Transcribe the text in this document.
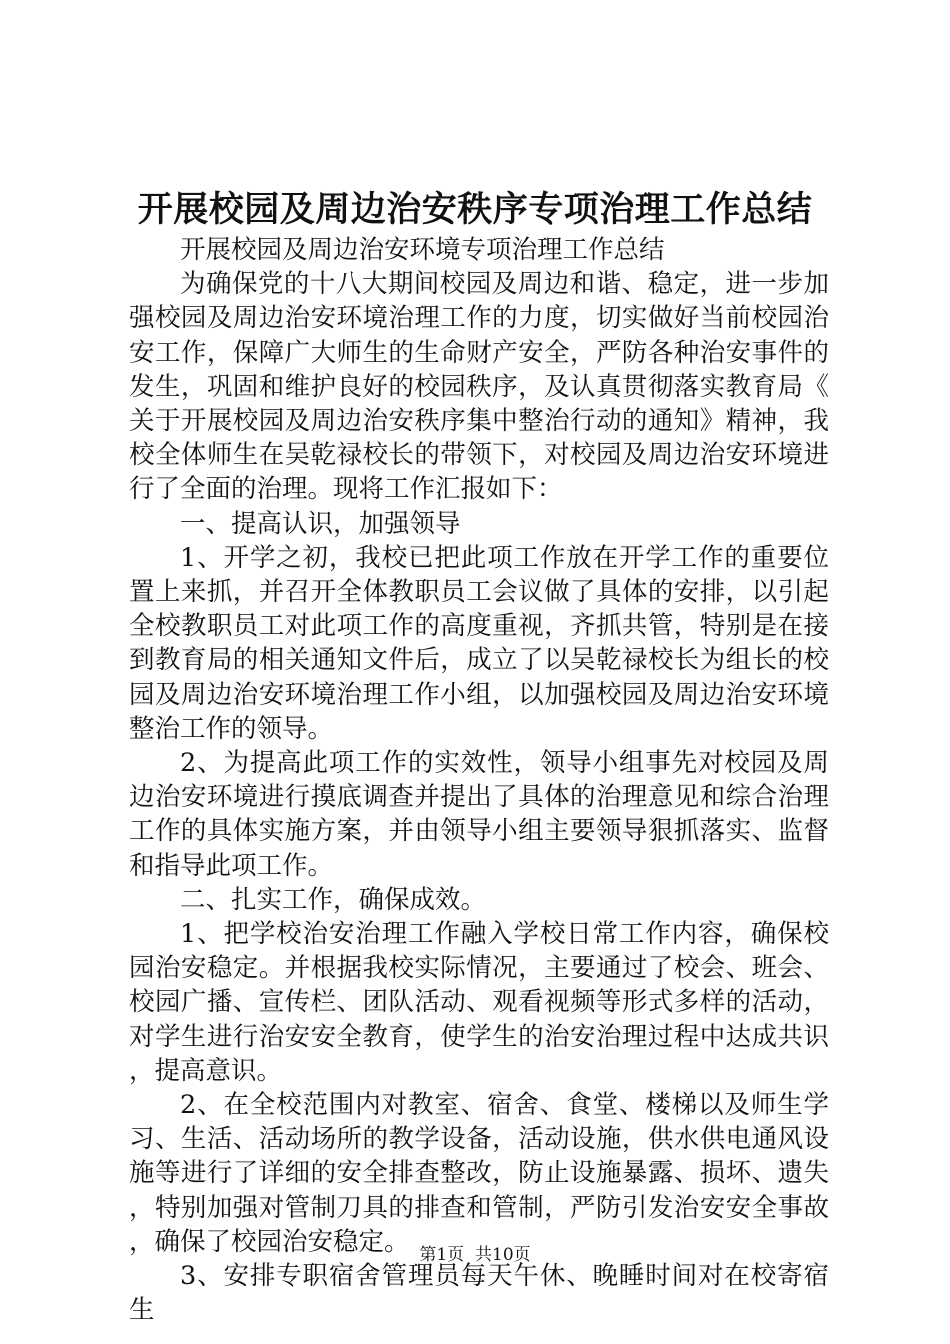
开展校园及周边治安秩序专项治理工作总结

开展校园及周边治安环境专项治理工作总结

为确保党的十八大期间校园及周边和谐、稳定，进一步加强校园及周边治安环境治理工作的力度，切实做好当前校园治安工作，保障广大师生的生命财产安全，严防各种治安事件的发生，巩固和维护良好的校园秩序，及认真贯彻落实教育局《关于开展校园及周边治安秩序集中整治行动的通知》精神，我校全体师生在吴乾禄校长的带领下，对校园及周边治安环境进行了全面的治理。现将工作汇报如下：

一、提高认识，加强领导

1、开学之初，我校已把此项工作放在开学工作的重要位置上来抓，并召开全体教职员工会议做了具体的安排，以引起全校教职员工对此项工作的高度重视，齐抓共管，特别是在接到教育局的相关通知文件后，成立了以吴乾禄校长为组长的校园及周边治安环境治理工作小组，以加强校园及周边治安环境整治工作的领导。

2、为提高此项工作的实效性，领导小组事先对校园及周边治安环境进行摸底调查并提出了具体的治理意见和综合治理工作的具体实施方案，并由领导小组主要领导狠抓落实、监督和指导此项工作。

二、扎实工作，确保成效。

1、把学校治安治理工作融入学校日常工作内容，确保校园治安稳定。并根据我校实际情况，主要通过了校会、班会、校园广播、宣传栏、团队活动、观看视频等形式多样的活动，对学生进行治安安全教育，使学生的治安治理过程中达成共识，提高意识。

2、在全校范围内对教室、宿舍、食堂、楼梯以及师生学习、生活、活动场所的教学设备，活动设施，供水供电通风设施等进行了详细的安全排查整改，防止设施暴露、损坏、遗失，特别加强对管制刀具的排查和管制，严防引发治安安全事故，确保了校园治安稳定。

3、安排专职宿舍管理员每天午休、晚睡时间对在校寄宿生

第1页 共10页
